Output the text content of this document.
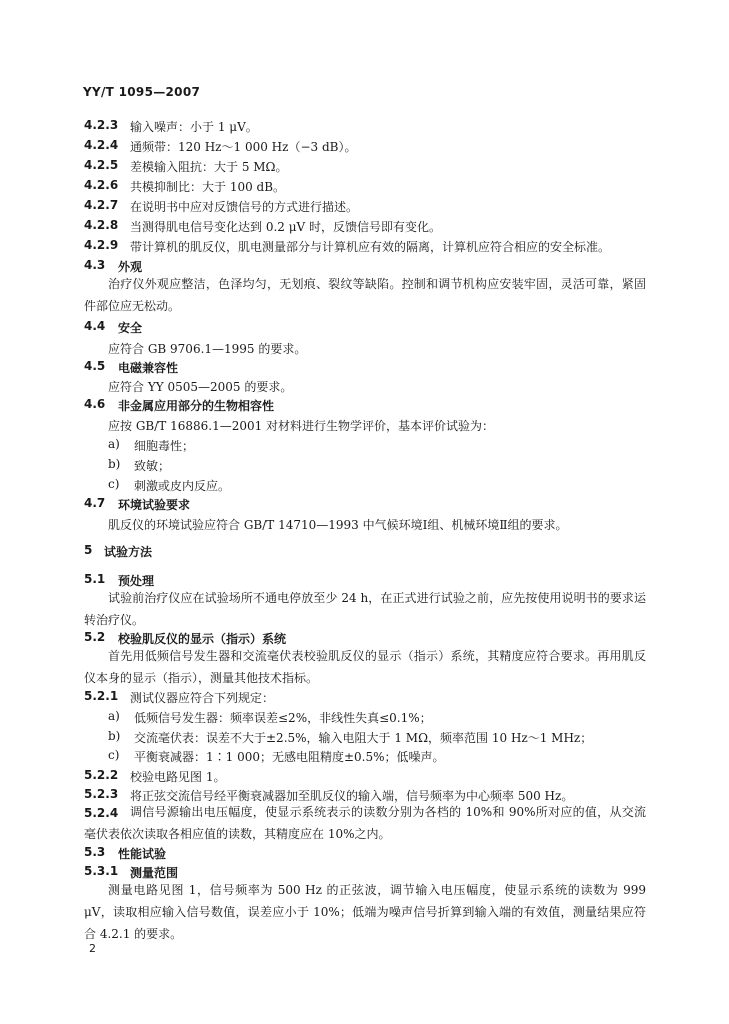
YY/T 1095—2007
4.2.3 输入噪声：小于 1 μV。
4.2.4 通频带：120 Hz～1 000 Hz（−3 dB）。
4.2.5 差模输入阻抗：大于 5 MΩ。
4.2.6 共模抑制比：大于 100 dB。
4.2.7 在说明书中应对反馈信号的方式进行描述。
4.2.8 当测得肌电信号变化达到 0.2 μV 时，反馈信号即有变化。
4.2.9 带计算机的肌反仪，肌电测量部分与计算机应有效的隔离，计算机应符合相应的安全标准。
4.3 外观
治疗仪外观应整洁，色泽均匀，无划痕、裂纹等缺陷。控制和调节机构应安装牢固，灵活可靠，紧固件部位应无松动。
4.4 安全
应符合 GB 9706.1—1995 的要求。
4.5 电磁兼容性
应符合 YY 0505—2005 的要求。
4.6 非金属应用部分的生物相容性
应按 GB/T 16886.1—2001 对材料进行生物学评价，基本评价试验为：
a) 细胞毒性；
b) 致敏；
c) 刺激或皮内反应。
4.7 环境试验要求
肌反仪的环境试验应符合 GB/T 14710—1993 中气候环境Ⅰ组、机械环境Ⅱ组的要求。
5 试验方法
5.1 预处理
试验前治疗仪应在试验场所不通电停放至少 24 h，在正式进行试验之前，应先按使用说明书的要求运转治疗仪。
5.2 校验肌反仪的显示（指示）系统
首先用低频信号发生器和交流毫伏表校验肌反仪的显示（指示）系统，其精度应符合要求。再用肌反仪本身的显示（指示），测量其他技术指标。
5.2.1 测试仪器应符合下列规定：
a) 低频信号发生器：频率误差≤2%，非线性失真≤0.1%；
b) 交流毫伏表：误差不大于±2.5%，输入电阻大于 1 MΩ，频率范围 10 Hz～1 MHz；
c) 平衡衰减器：1∶1 000；无感电阻精度±0.5%；低噪声。
5.2.2 校验电路见图 1。
5.2.3 将正弦交流信号经平衡衰减器加至肌反仪的输入端，信号频率为中心频率 500 Hz。
5.2.4 调信号源输出电压幅度，使显示系统表示的读数分别为各档的 10%和 90%所对应的值，从交流毫伏表依次读取各相应值的读数，其精度应在 10%之内。
5.3 性能试验
5.3.1 测量范围
测量电路见图 1，信号频率为 500 Hz 的正弦波，调节输入电压幅度，使显示系统的读数为 999 μV，读取相应输入信号数值，误差应小于 10%；低端为噪声信号折算到输入端的有效值，测量结果应符合 4.2.1 的要求。
2
